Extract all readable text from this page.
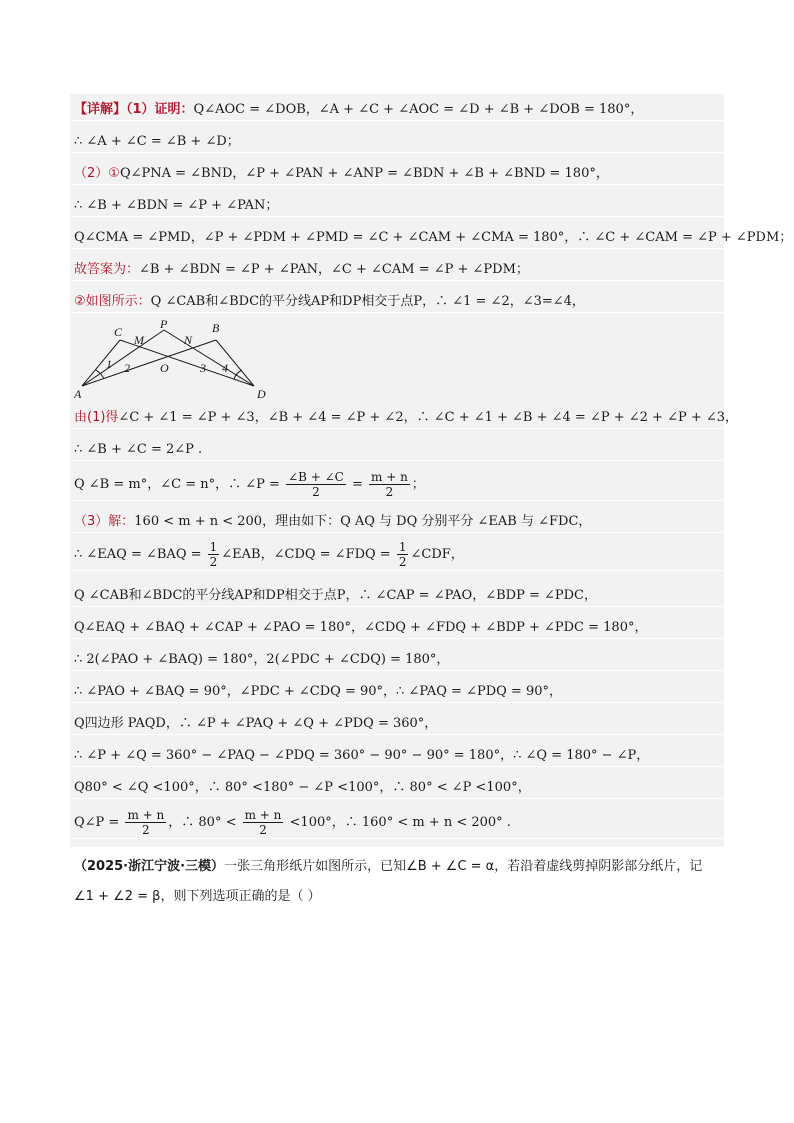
【详解】（1）证明：Q∠AOC = ∠DOB，∠A + ∠C + ∠AOC = ∠D + ∠B + ∠DOB = 180°，
∴ ∠A + ∠C = ∠B + ∠D；
（2）①Q∠PNA = ∠BND，∠P + ∠PAN + ∠ANP = ∠BDN + ∠B + ∠BND = 180°，
∴ ∠B + ∠BDN = ∠P + ∠PAN；
Q∠CMA = ∠PMD，∠P + ∠PDM + ∠PMD = ∠C + ∠CAM + ∠CMA = 180°，∴ ∠C + ∠CAM = ∠P + ∠PDM；
故答案为：∠B + ∠BDN = ∠P + ∠PAN，∠C + ∠CAM = ∠P + ∠PDM；
②如图所示：Q ∠CAB和∠BDC的平分线AP和DP相交于点P，∴ ∠1 = ∠2，∠3=∠4，
由(1)得∠C + ∠1 = ∠P + ∠3，∠B + ∠4 = ∠P + ∠2，∴ ∠C + ∠1 + ∠B + ∠4 = ∠P + ∠2 + ∠P + ∠3，
∴ ∠B + ∠C = 2∠P .
Q ∠B = m°，∠C = n°，∴ ∠P = $\frac{\angle B + \angle C}{2} = \frac{m + n}{2}$ ；
（3）解：160 < m + n < 200，理由如下：Q AQ 与 DQ 分别平分 ∠EAB 与 ∠FDC，
∴ ∠EAQ = ∠BAQ = $\frac{1}{2}$ ∠EAB，∠CDQ = ∠FDQ = $\frac{1}{2}$ ∠CDF，
Q ∠CAB和∠BDC的平分线AP和DP相交于点P，∴ ∠CAP = ∠PAO，∠BDP = ∠PDC，
Q∠EAQ + ∠BAQ + ∠CAP + ∠PAO = 180°，∠CDQ + ∠FDQ + ∠BDP + ∠PDC = 180°，
∴ 2(∠PAO + ∠BAQ) = 180°，2(∠PDC + ∠CDQ) = 180°，
∴ ∠PAO + ∠BAQ = 90°，∠PDC + ∠CDQ = 90°，∴ ∠PAQ = ∠PDQ = 90°，
Q四边形 PAQD，∴ ∠P + ∠PAQ + ∠Q + ∠PDQ = 360°，
∴ ∠P + ∠Q = 360° − ∠PAQ − ∠PDQ = 360° − 90° − 90° = 180°，∴ ∠Q = 180° − ∠P，
Q80° < ∠Q <100°，∴ 80° <180° − ∠P <100°，∴ 80° < ∠P <100°，
Q∠P = $\frac{m + n}{2}$ ，∴ $80^\circ < \frac{m + n}{2} <100^\circ$，∴ 160° < m + n < 200° .
A	D
C	B
P
M	N
O
1 2	3 4
（2025·浙江宁波·三模）一张三角形纸片如图所示，已知∠B + ∠C = α，若沿着虚线剪掉阴影部分纸片，记
∠1 + ∠2 = β，则下列选项正确的是（ ）
